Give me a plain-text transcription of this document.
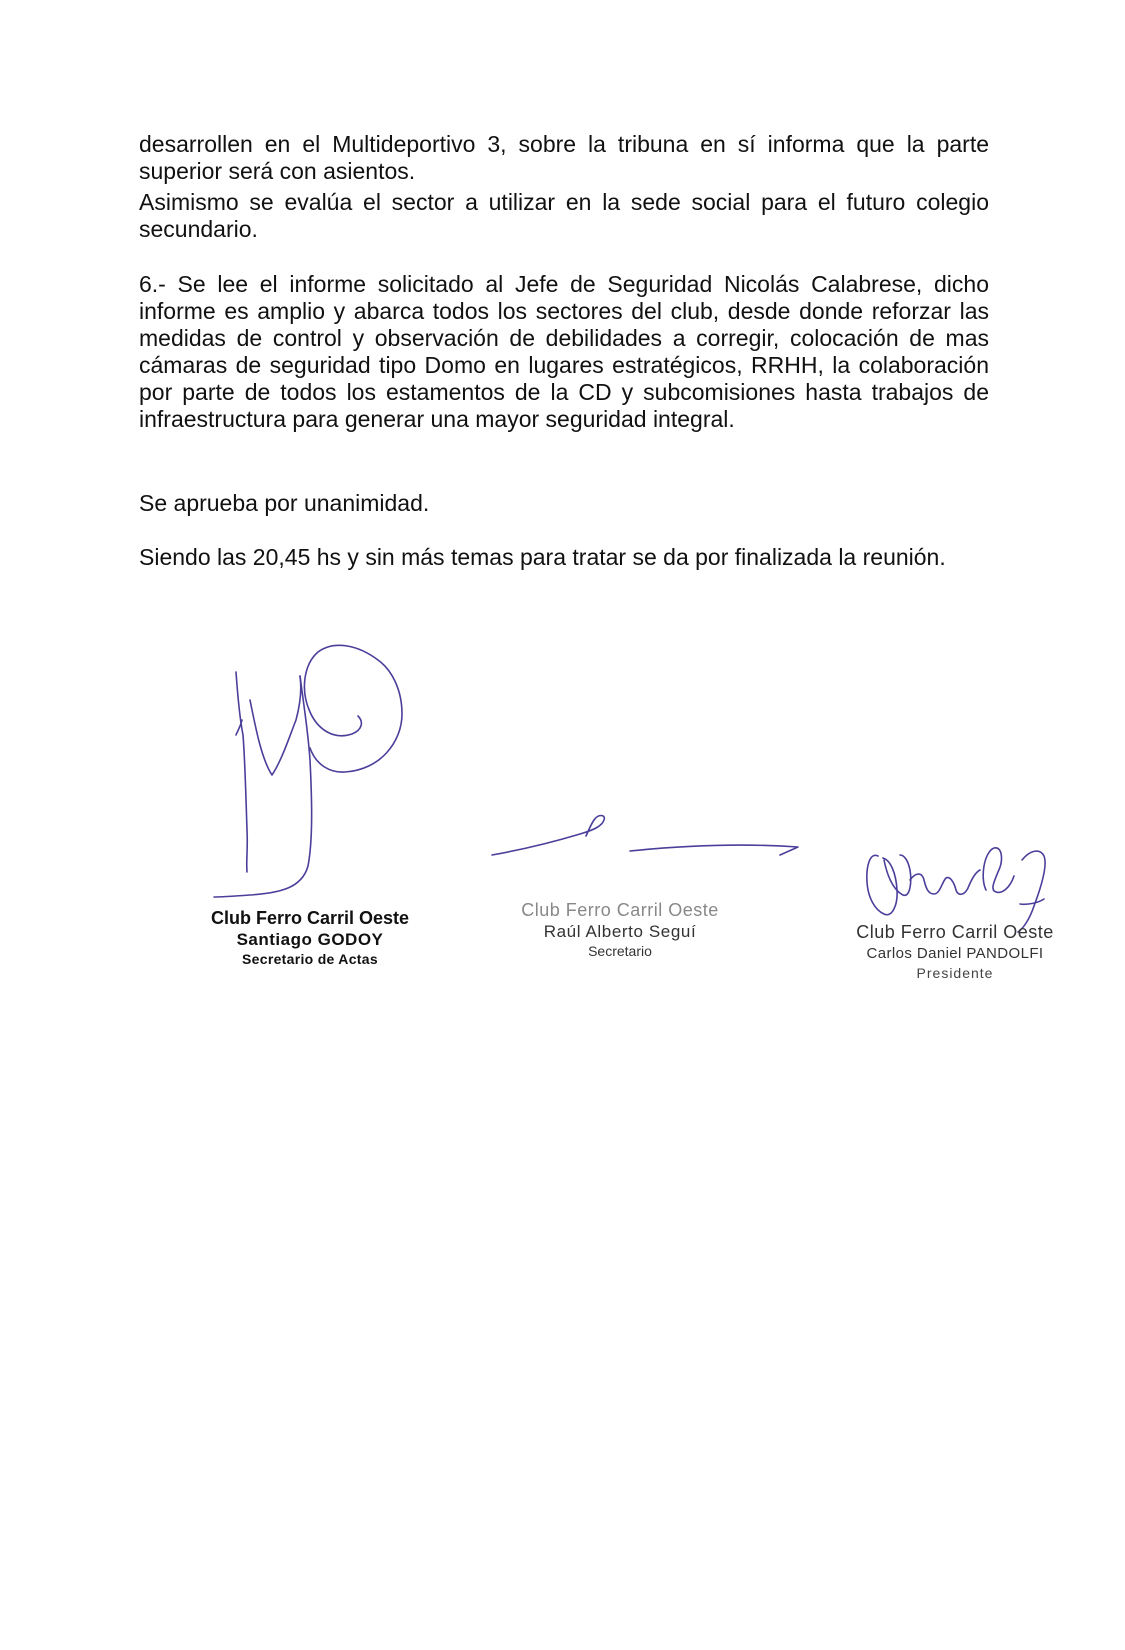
desarrollen en el Multideportivo 3, sobre la tribuna en sí informa que la parte superior será con asientos.

Asimismo se evalúa el sector a utilizar en la sede social para el futuro colegio secundario.

6.- Se lee el informe solicitado al Jefe de Seguridad Nicolás Calabrese, dicho informe es amplio y abarca todos los sectores del club, desde donde reforzar las medidas de control y observación de debilidades a corregir, colocación de mas cámaras de seguridad tipo Domo en lugares estratégicos, RRHH, la colaboración por parte de todos los estamentos de la CD y subcomisiones hasta trabajos de infraestructura para generar una mayor seguridad integral.

Se aprueba por unanimidad.

Siendo las 20,45 hs y sin más temas para tratar se da por finalizada la reunión.

Club Ferro Carril Oeste
Santiago GODOY
Secretario de Actas
Club Ferro Carril Oeste
Raúl Alberto Seguí
Secretario
Club Ferro Carril Oeste
Carlos Daniel PANDOLFI
Presidente
